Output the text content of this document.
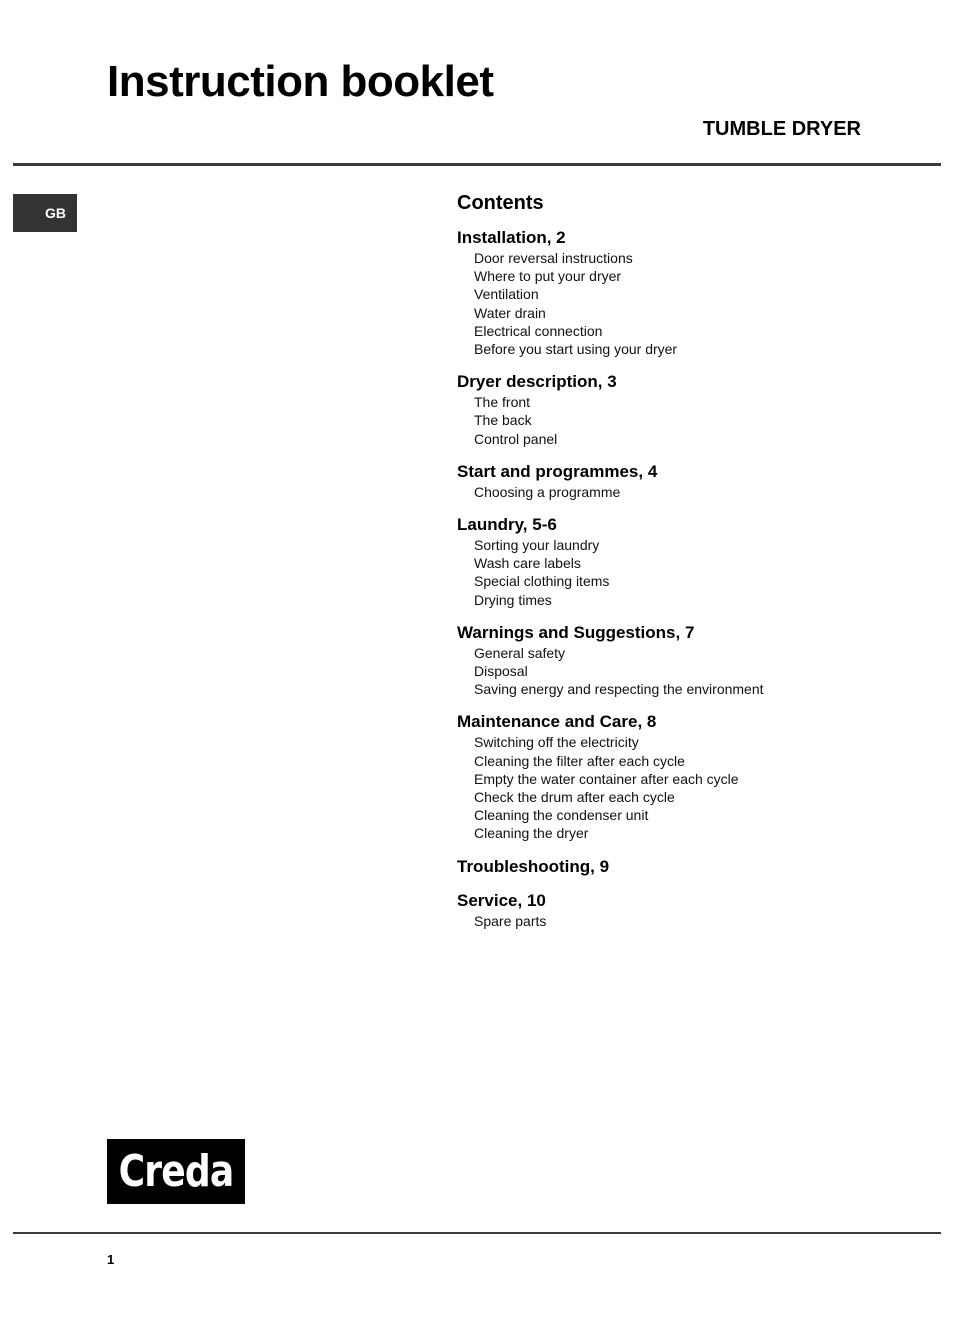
Instruction booklet
TUMBLE DRYER
GB	Contents
Installation, 2
Door reversal instructions
Where to put your dryer
Ventilation
Water drain
Electrical connection
Before you start using your dryer
Dryer description, 3
The front
The back
Control panel
Start and programmes, 4
Choosing a programme
Laundry, 5-6
Sorting your laundry
Wash care labels
Special clothing items
Drying times
Warnings and Suggestions, 7
General safety
Disposal
Saving energy and respecting the environment
Maintenance and Care, 8
Switching off the electricity
Cleaning the filter after each cycle
Empty the water container after each cycle
Check the drum after each cycle
Cleaning the condenser unit
Cleaning the dryer
Troubleshooting, 9
Service, 10
Spare parts
Creda
1
